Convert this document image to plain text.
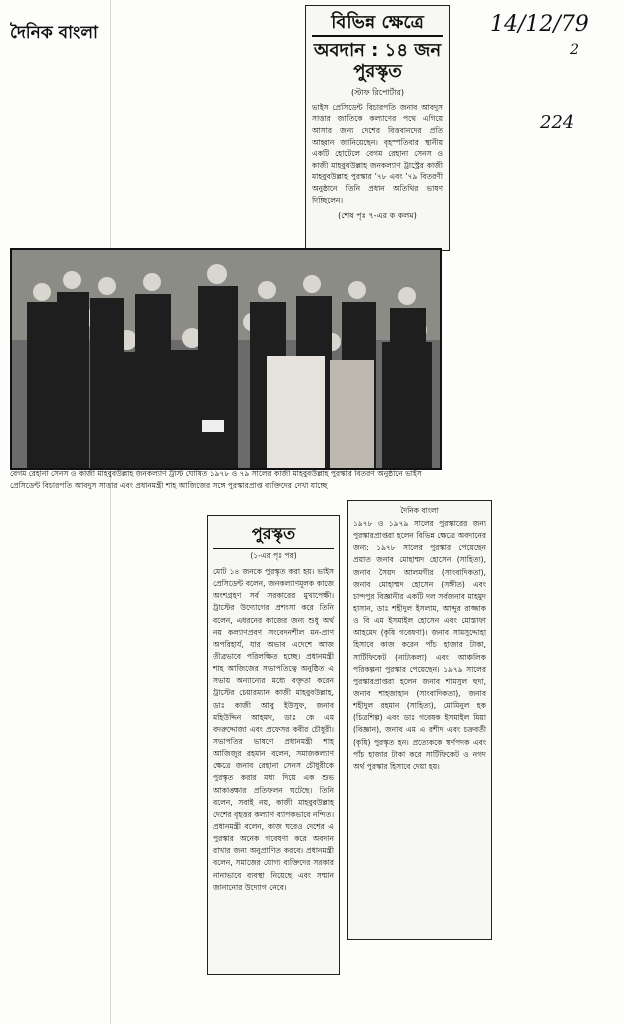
দৈনিক বাংলা	14/12/79
2
224
বিভিন্ন ক্ষেত্রে
অবদান : ১৪ জন পুরস্কৃত
(স্টাফ রিপোর্টার)
ভাইস প্রেসিডেন্ট বিচারপতি জনাব আবদুস সাত্তার জাতিকে কল্যাণের পথে এগিয়ে আসার জন্য দেশের বিত্তবানদের প্রতি আহ্বান জানিয়েছেন। বৃহস্পতিবার স্থানীয় একটি হোটেলে বেগম রেহানা সেনস ও কাজী মাহবুবউল্লাহ জনকল্যাণ ট্রাস্ট্রের কাজী মাহবুবউল্লাহ পুরস্কার ’৭৮ এবং ’৭৯ বিতরণী অনুষ্ঠানে তিনি প্রধান অতিথির ভাষণ দিচ্ছিলেন।
(শেষ পৃঃ ৭-এর ক কলম)
বেগম রেহানা সেনস ও কাজী মাহবুবউল্লাহ জনকল্যাণ ট্রাস্ট ঘোষিত ১৯৭৮ ও ৭৯ সালের কাজী মাহবুবউল্লাহ পুরস্কার বিতরণ অনুষ্ঠানে ভাইস প্রেসিডেন্ট বিচারপতি আবদুস সাত্তার এবং প্রধানমন্ত্রী শাহ আজিজের সঙ্গে পুরস্কারপ্রাপ্ত ব্যক্তিদের দেখা যাচ্ছে
পুরস্কৃত
(১-এর পৃঃ পর)
মোট ১৪ জনকে পুরস্কৃত করা হয়। ভাইস প্রেসিডেন্ট বলেন, জনকল্যাণমূলক কাজে অংশগ্রহণ সর্ব সরকারের মুখাপেক্ষী। ট্রাস্টের উদ্যোগের প্রশংসা করে তিনি বলেন, এধরনের কাজের জন্য শুধু অর্থ নয় কল্যাণপ্রবণ সংবেদনশীল মন-প্রাণ অপরিহার্য, যার অভাব এদেশে আজ তীব্রভাবে পরিলক্ষিত হচ্ছে। প্রধানমন্ত্রী শাহ আজিজের সভাপতিত্বে অনুষ্ঠিত এ সভায় অন্যান্যের মধ্যে বক্তৃতা করেন ট্রাস্টের চেয়ারম্যান কাজী মাহবুবউল্লাহ, ডাঃ কাজী আবু ইউসুফ, জনাব মহিউদ্দিন আহমদ, ডাঃ কে এম বদরুদ্দোজা এবং প্রফেসর কবীর চৌধুরী। সভাপতির ভাষণে প্রধানমন্ত্রী শাহ আজিজুর রহমান বলেন, সমাজকল্যাণ ক্ষেত্রে জনাব রেহানা সেনস চৌধুরীকে পুরস্কৃত করার মধ্য দিয়ে এক শুভ আকাঙ্ক্ষার প্রতিফলন ঘটেছে। তিনি বলেন, সবাই নয়, কাজী মাহবুবউল্লাহ দেশের বৃহত্তর কল্যাণ ব্যাপকভাবে নন্দিত। প্রধানমন্ত্রী বলেন, কাজ ঘরেও দেশের এ পুরস্কার অনেক গবেষণা করে অবদান রাখার জন্য অনুপ্রাণিত করবে। প্রধানমন্ত্রী বলেন, সমাজের যোগ্য ব্যক্তিদের সরকার নানাভাবে ব্যবস্থা নিয়েছে এবং সম্মান জানানোর উদ্যোগ নেবে।
দৈনিক বাংলা
১৯৭৮ ও ১৯৭৯ সালের পুরস্কারের জন্য পুরস্কারপ্রাপ্তরা হলেন বিভিন্ন ক্ষেত্রে অবদানের জন্য: ১৯৭৮ সালের পুরস্কার পেয়েছেন প্রয়াত জনাব মোহাম্মদ হোসেন (সাহিত্য), জনাব সৈয়দ আলমগীর (সাংবাদিকতা), জনাব মোহাম্মদ হোসেন (সঙ্গীত) এবং চান্দপুর বিজ্ঞানীর একটি দল সর্বজনাব মাহমুদ হাসান, ডাঃ শহীদুল ইসলাম, আব্দুর রাজ্জাক ও বি এম ইসমাইল হোসেন এবং মোস্তাফা আহমেদ (কৃষি গবেষণা)। জনাব সামসুদ্দোহা হিসাবে কাজ করেন পাঁচ হাজার টাকা, সার্টিফিকেট (নাট্যকলা) এবং আঞ্চলিক পরিকল্পনা পুরস্কার পেয়েছেন। ১৯৭৯ সালের পুরস্কারপ্রাপ্তরা হলেন জনাব শামসুল হুদা, জনাব শাহজাহান (সাংবাদিকতা), জনাব শহীদুল রহমান (সাহিত্য), মোমিনুল হক (চিত্রশিল্প) এবং ডাঃ গবেষক ইসমাইল মিয়া (বিজ্ঞান), জনাব এম এ রশীদ এবং চক্রবর্তী (কৃষি) পুরস্কৃত হন। প্রত্যেককে স্বর্ণপদক এবং পাঁচ হাজার টাকা করে সার্টিফিকেট ও নগদ অর্থ পুরস্কার হিসাবে দেয়া হয়।
